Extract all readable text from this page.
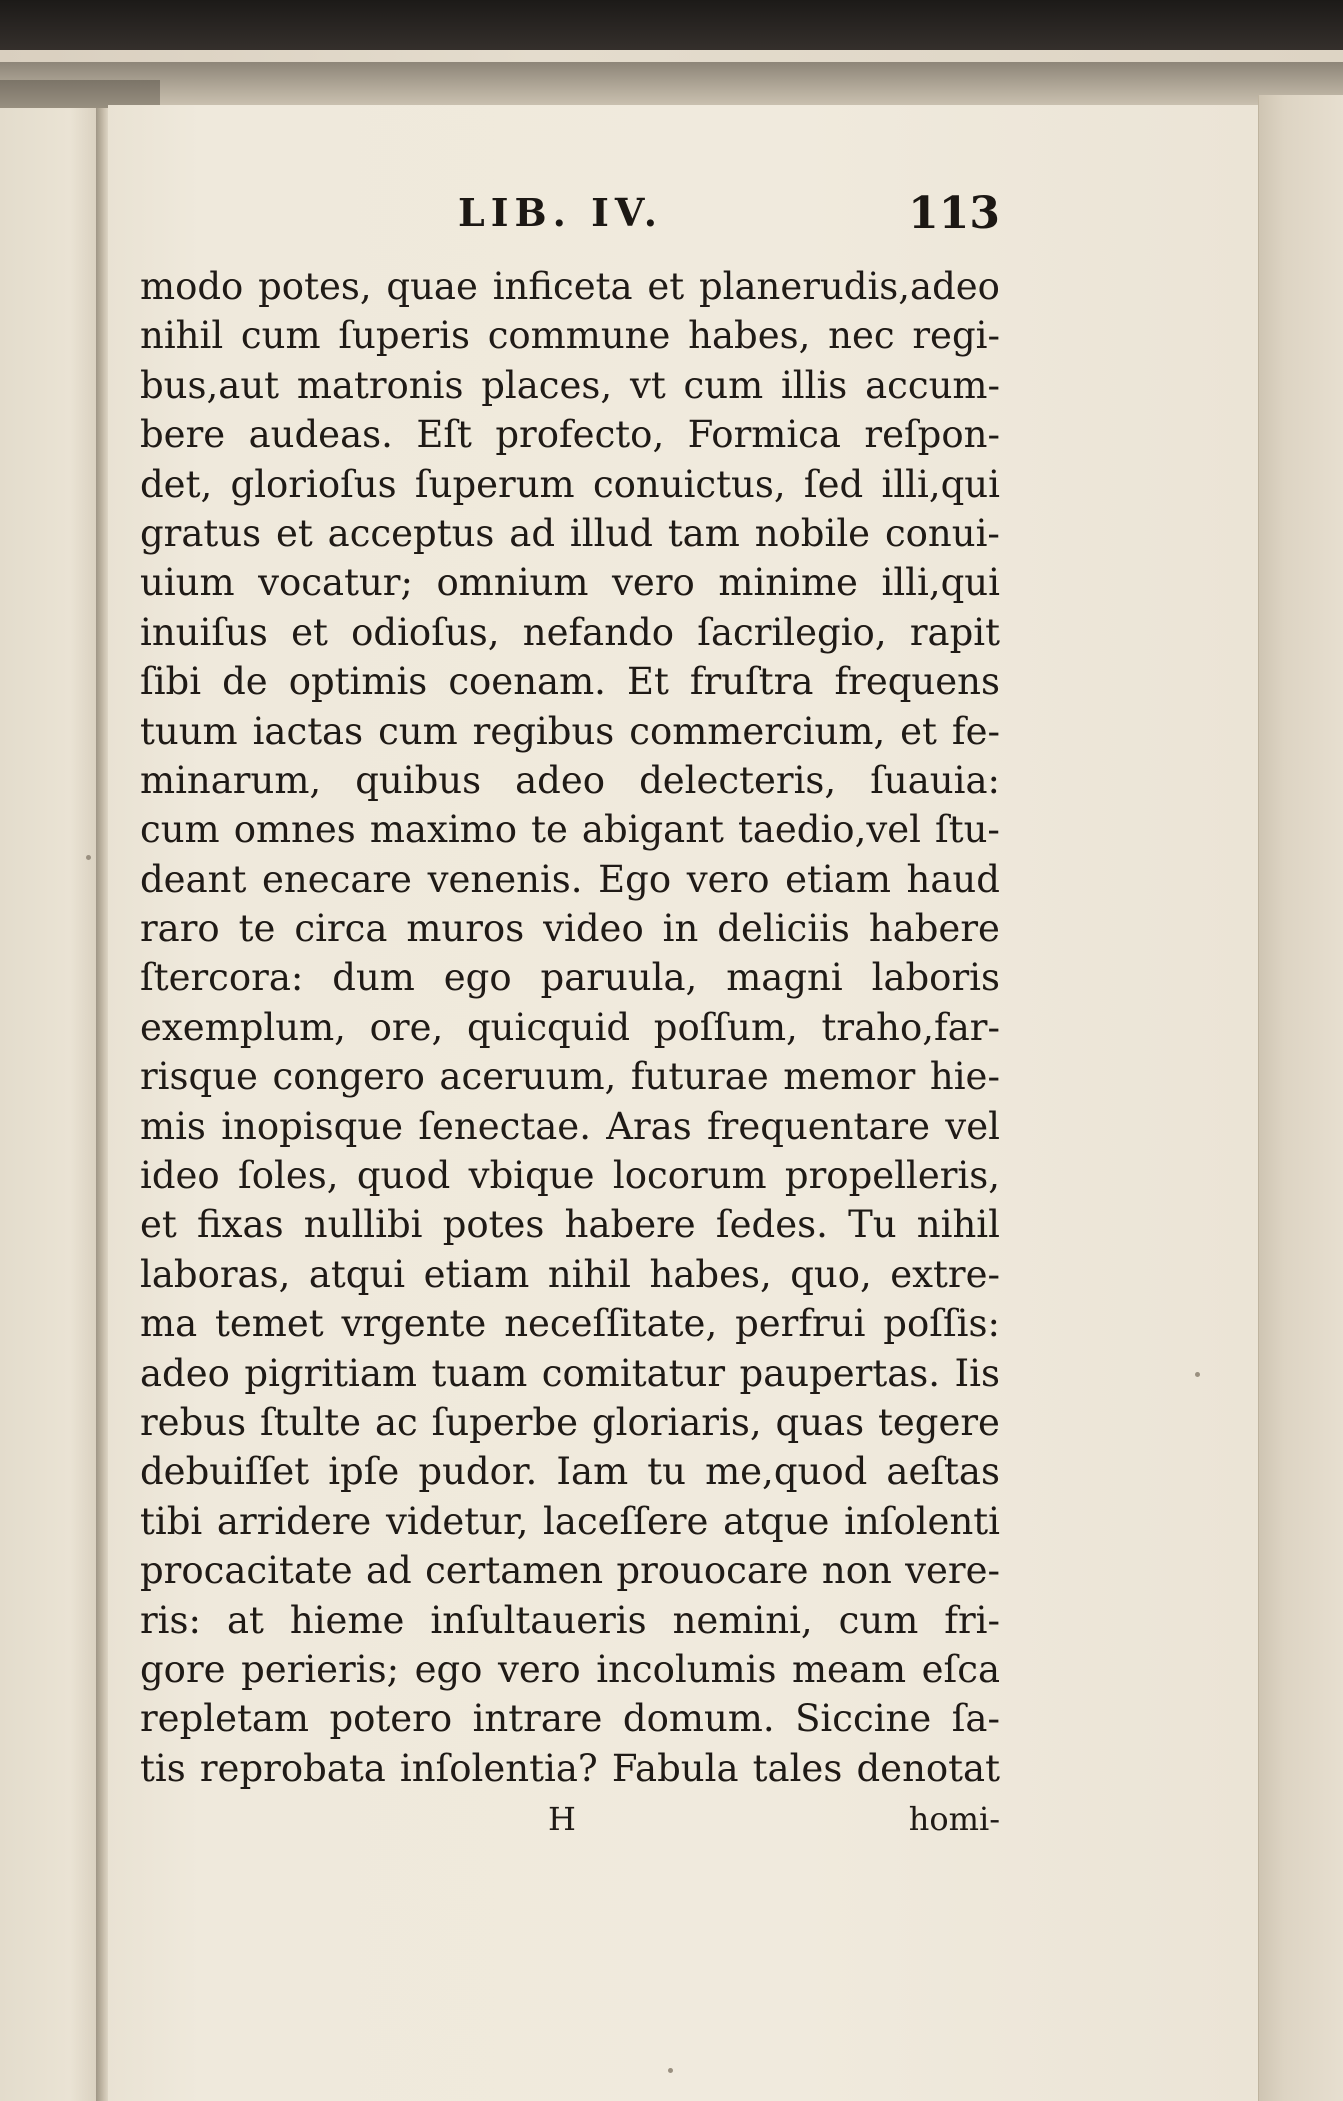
LIB. IV.	113
modo potes, quae inficeta et planerudis,adeo
nihil cum ſuperis commune habes, nec regi-
bus,aut matronis places, vt cum illis accum-
bere audeas. Eſt profecto, Formica reſpon-
det, glorioſus ſuperum conuictus, ſed illi,qui
gratus et acceptus ad illud tam nobile conui-
uium vocatur; omnium vero minime illi,qui
inuiſus et odioſus, nefando ſacrilegio, rapit
ſibi de optimis coenam. Et fruſtra frequens
tuum iactas cum regibus commercium, et fe-
minarum, quibus adeo delecteris, ſuauia:
cum omnes maximo te abigant taedio,vel ſtu-
deant enecare venenis. Ego vero etiam haud
raro te circa muros video in deliciis habere
ſtercora: dum ego paruula, magni laboris
exemplum, ore, quicquid poſſum, traho,far-
risque congero aceruum, futurae memor hie-
mis inopisque ſenectae. Aras frequentare vel
ideo ſoles, quod vbique locorum propelleris,
et fixas nullibi potes habere ſedes. Tu nihil
laboras, atqui etiam nihil habes, quo, extre-
ma temet vrgente neceſſitate, perfrui poſſis:
adeo pigritiam tuam comitatur paupertas. Iis
rebus ſtulte ac ſuperbe gloriaris, quas tegere
debuiſſet ipſe pudor. Iam tu me,quod aeſtas
tibi arridere videtur, laceſſere atque inſolenti
procacitate ad certamen prouocare non vere-
ris: at hieme inſultaueris nemini, cum fri-
gore perieris; ego vero incolumis meam eſca
repletam potero intrare domum. Siccine ſa-
tis reprobata inſolentia? Fabula tales denotat
H	homi-
